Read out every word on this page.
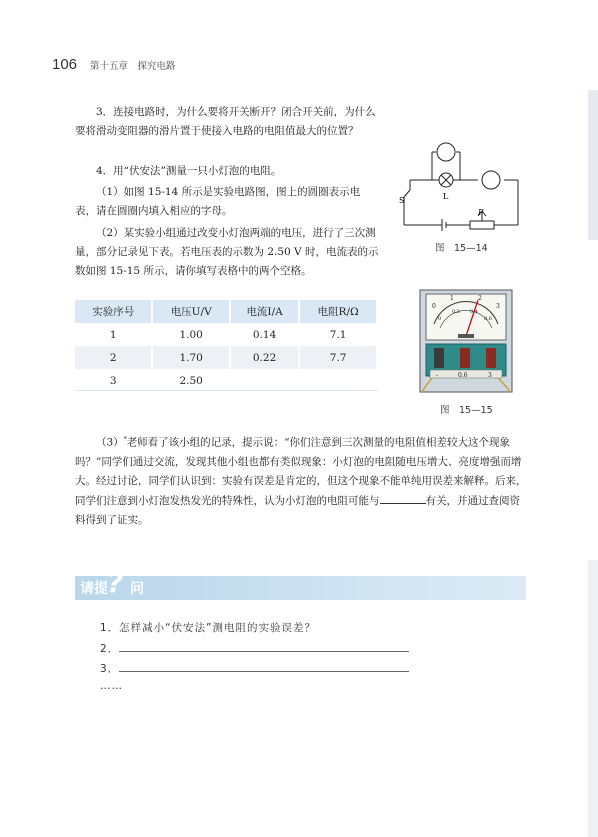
106 第十五章　探究电路

3．连接电路时，为什么要将开关断开？闭合开关前，为什么要将滑动变阻器的滑片置于使接入电路的电阻值最大的位置？

4．用“伏安法”测量一只小灯泡的电阻。

（1）如图 15-14 所示是实验电路图，图上的圆圈表示电表，请在圆圈内填入相应的字母。

（2）某实验小组通过改变小灯泡两端的电压，进行了三次测量，部分记录见下表。若电压表的示数为 2.50 V 时，电流表的示数如图 15-15 所示，请你填写表格中的两个空格。

S	L
P
图　15—14
实验序号	电压U/V	电流I/A	电阻R/Ω
1	1.00	0.14	7.1
2	1.70	0.22	7.7
3	2.50		
0
1	2
3
0
0.2 0.4
0.6
-	0.6	3
图　15—15

（3）*老师看了该小组的记录，提示说：“你们注意到三次测量的电阻值相差较大这个现象吗？”同学们通过交流，发现其他小组也都有类似现象：小灯泡的电阻随电压增大、亮度增强而增大。经过讨论，同学们认识到：实验有误差是肯定的，但这个现象不能单纯用误差来解释。后来，同学们注意到小灯泡发热发光的特殊性，认为小灯泡的电阻可能与	有关，并通过查阅资料得到了证实。

请提 问
?
1．怎样减小“伏安法”测电阻的实验误差？
2．
3．
……
